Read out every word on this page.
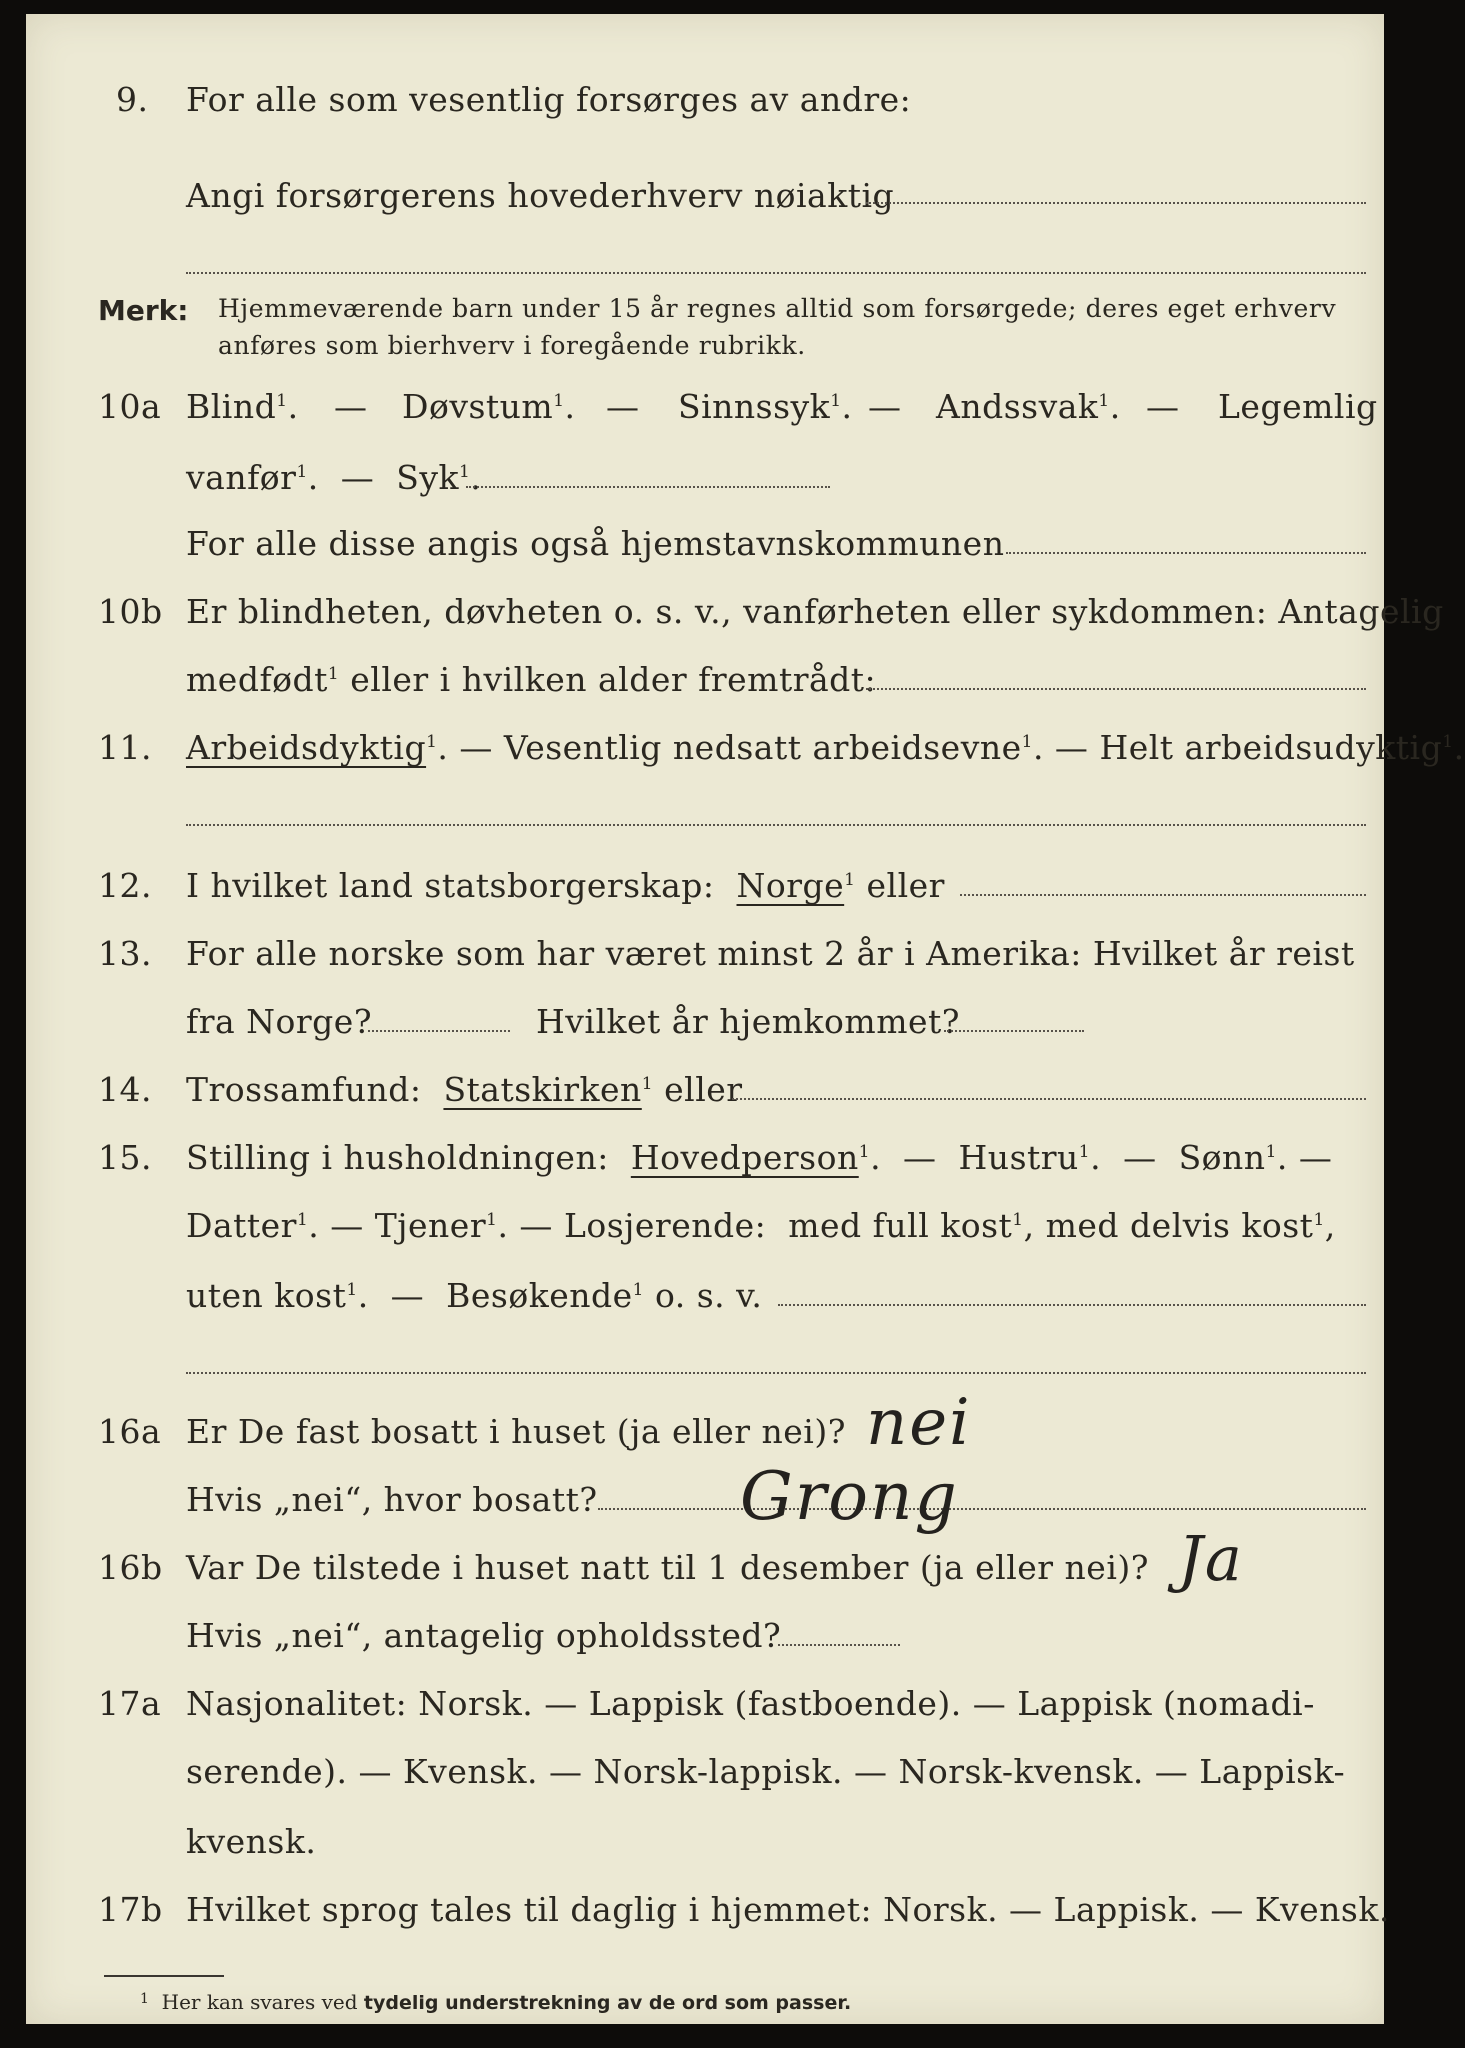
9. For alle som vesentlig forsørges av andre:
Angi forsørgerens hovederhverv nøiaktig
Merk: Hjemmeværende barn under 15 år regnes alltid som forsørgede; deres eget erhverv
anføres som bierhverv i foregående rubrikk.
10a Blind$^1$. — Døvstum$^1$. — Sinnssyk$^1$. — Andssvak$^1$. — Legemlig
vanfør$^1$.  —  Syk$^1$.
For alle disse angis også hjemstavnskommunen
10b Er blindheten, døvheten o. s. v., vanførheten eller sykdommen: Antagelig
medfødt$^1$ eller i hvilken alder fremtrådt:
11. Arbeidsdyktig$^1$. — Vesentlig nedsatt arbeidsevne$^1$. — Helt arbeidsudyktig$^1$.
12. I hvilket land statsborgerskap: Norge$^1$ eller
13. For alle norske som har været minst 2 år i Amerika: Hvilket år reist
fra Norge?	Hvilket år hjemkommet?
14. Trossamfund: Statskirken$^1$ eller
15. Stilling i husholdningen: Hovedperson$^1$.  —  Hustru$^1$.  —  Sønn$^1$. —
Datter$^1$. — Tjener$^1$. — Losjerende: med full kost$^1$, med delvis kost$^1$,
uten kost$^1$.  —  Besøkende$^1$ o. s. v.
16a Er De fast bosatt i huset (ja eller nei)? nei
Hvis „nei“, hvor bosatt? Grong
16b Var De tilstede i huset natt til 1 desember (ja eller nei)? Ja
Hvis „nei“, antagelig opholdssted?
17a Nasjonalitet: Norsk. — Lappisk (fastboende). — Lappisk (nomadi-
serende). — Kvensk. — Norsk-lappisk. — Norsk-kvensk. — Lappisk-
kvensk.
17b Hvilket sprog tales til daglig i hjemmet: Norsk. — Lappisk. — Kvensk.
$^1$ Her kan svares ved tydelig understrekning av de ord som passer.
